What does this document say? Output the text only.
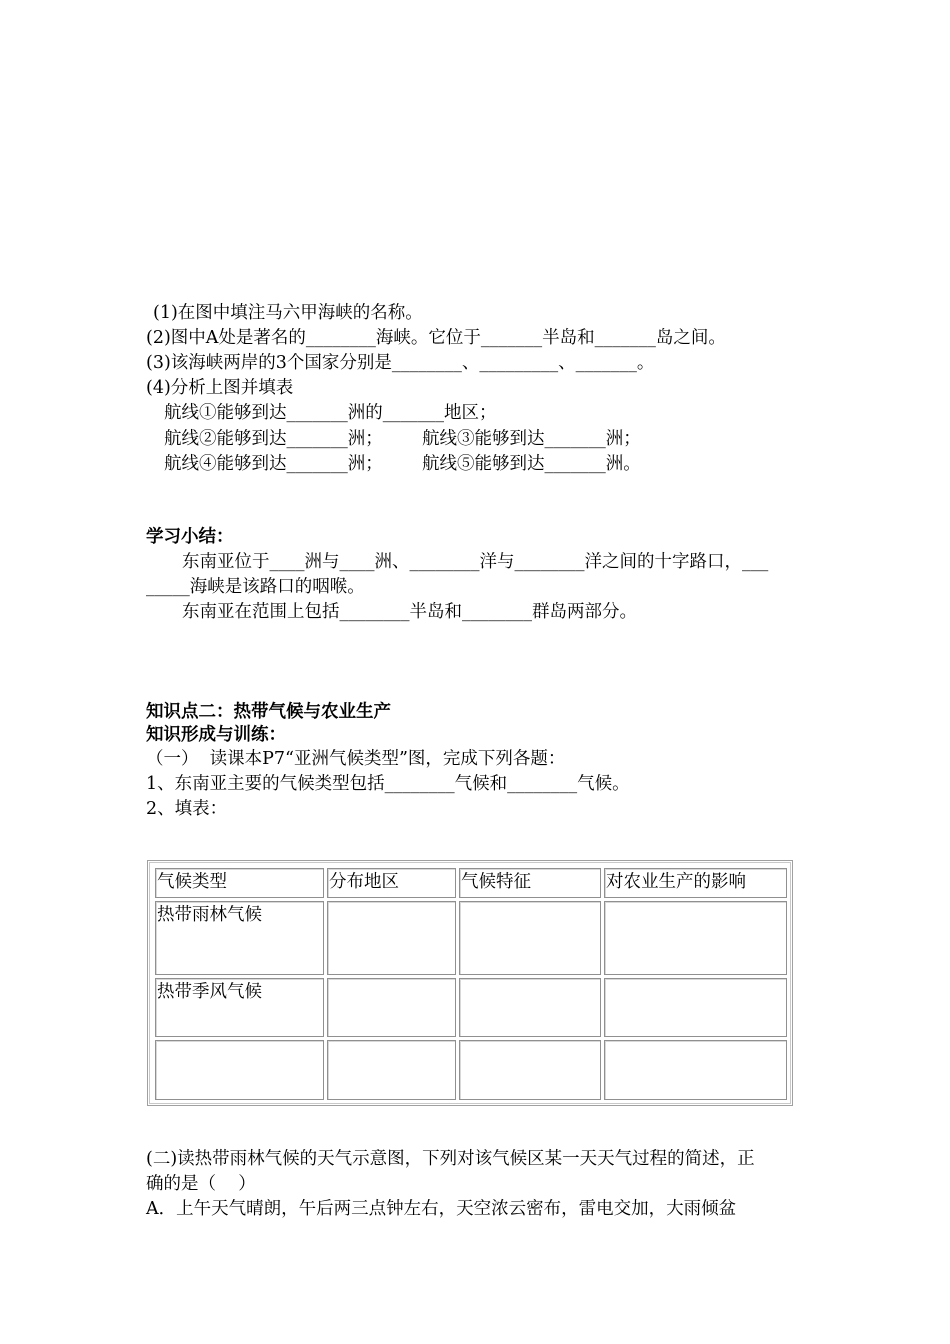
(1)在图中填注马六甲海峡的名称。

(2)图中A处是著名的________海峡。它位于_______半岛和_______岛之间。

(3)该海峡两岸的3个国家分别是________、_________、_______。

(4)分析上图并填表

航线①能够到达_______洲的_______地区；

航线②能够到达_______洲； 航线③能够到达_______洲；

航线④能够到达_______洲； 航线⑤能够到达_______洲。

学习小结：

东南亚位于____洲与____洲、________洋与________洋之间的十字路口，___

_____海峡是该路口的咽喉。

东南亚在范围上包括________半岛和________群岛两部分。

知识点二：热带气候与农业生产

知识形成与训练：

（一）  读课本P7“亚洲气候类型”图，完成下列各题：

1、东南亚主要的气候类型包括________气候和________气候。

2、填表：

气候类型	分布地区	气候特征	对农业生产的影响
热带雨林气候			
热带季风气候			

(二)读热带雨林气候的天气示意图，下列对该气候区某一天天气过程的简述，正

确的是（    ）

A．上午天气晴朗，午后两三点钟左右，天空浓云密布，雷电交加，大雨倾盆
